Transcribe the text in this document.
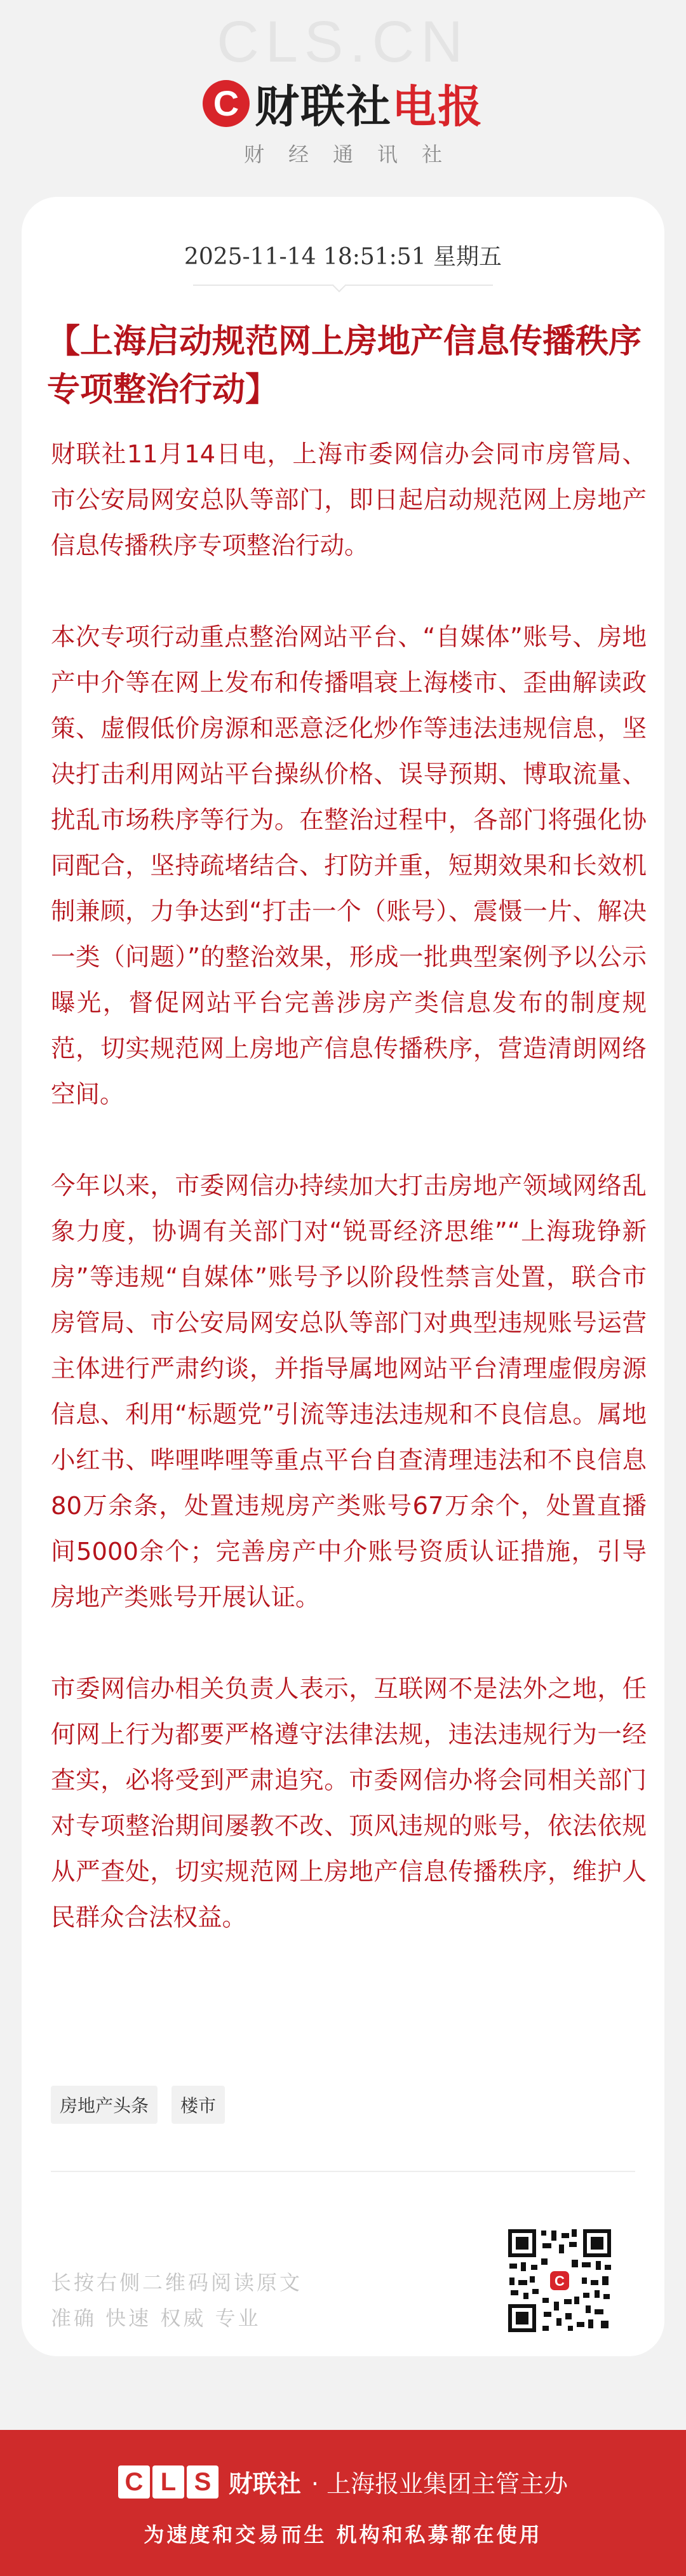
CLS.CN
C 财联社电报
财经通讯社
2025-11-14 18:51:51 星期五
【上海启动规范网上房地产信息传播秩序专项整治行动】

财联社11月14日电，上海市委网信办会同市房管局、市公安局网安总队等部门，即日起启动规范网上房地产信息传播秩序专项整治行动。

本次专项行动重点整治网站平台、“自媒体”账号、房地产中介等在网上发布和传播唱衰上海楼市、歪曲解读政策、虚假低价房源和恶意泛化炒作等违法违规信息，坚决打击利用网站平台操纵价格、误导预期、博取流量、扰乱市场秩序等行为。在整治过程中，各部门将强化协同配合，坚持疏堵结合、打防并重，短期效果和长效机制兼顾，力争达到“打击一个（账号）、震慑一片、解决一类（问题）”的整治效果，形成一批典型案例予以公示曝光，督促网站平台完善涉房产类信息发布的制度规范，切实规范网上房地产信息传播秩序，营造清朗网络空间。

今年以来，市委网信办持续加大打击房地产领域网络乱象力度，协调有关部门对“锐哥经济思维”“上海珑铮新房”等违规“自媒体”账号予以阶段性禁言处置，联合市房管局、市公安局网安总队等部门对典型违规账号运营主体进行严肃约谈，并指导属地网站平台清理虚假房源信息、利用“标题党”引流等违法违规和不良信息。属地小红书、哔哩哔哩等重点平台自查清理违法和不良信息80万余条，处置违规房产类账号67万余个，处置直播间5000余个；完善房产中介账号资质认证措施，引导房地产类账号开展认证。

市委网信办相关负责人表示，互联网不是法外之地，任何网上行为都要严格遵守法律法规，违法违规行为一经查实，必将受到严肃追究。市委网信办将会同相关部门对专项整治期间屡教不改、顶风违规的账号，依法依规从严查处，切实规范网上房地产信息传播秩序，维护人民群众合法权益。

房地产头条	楼市
长按右侧二维码阅读原文
准确 快速 权威 专业
C
C L S 财联社 · 上海报业集团主管主办
为速度和交易而生 机构和私募都在使用
